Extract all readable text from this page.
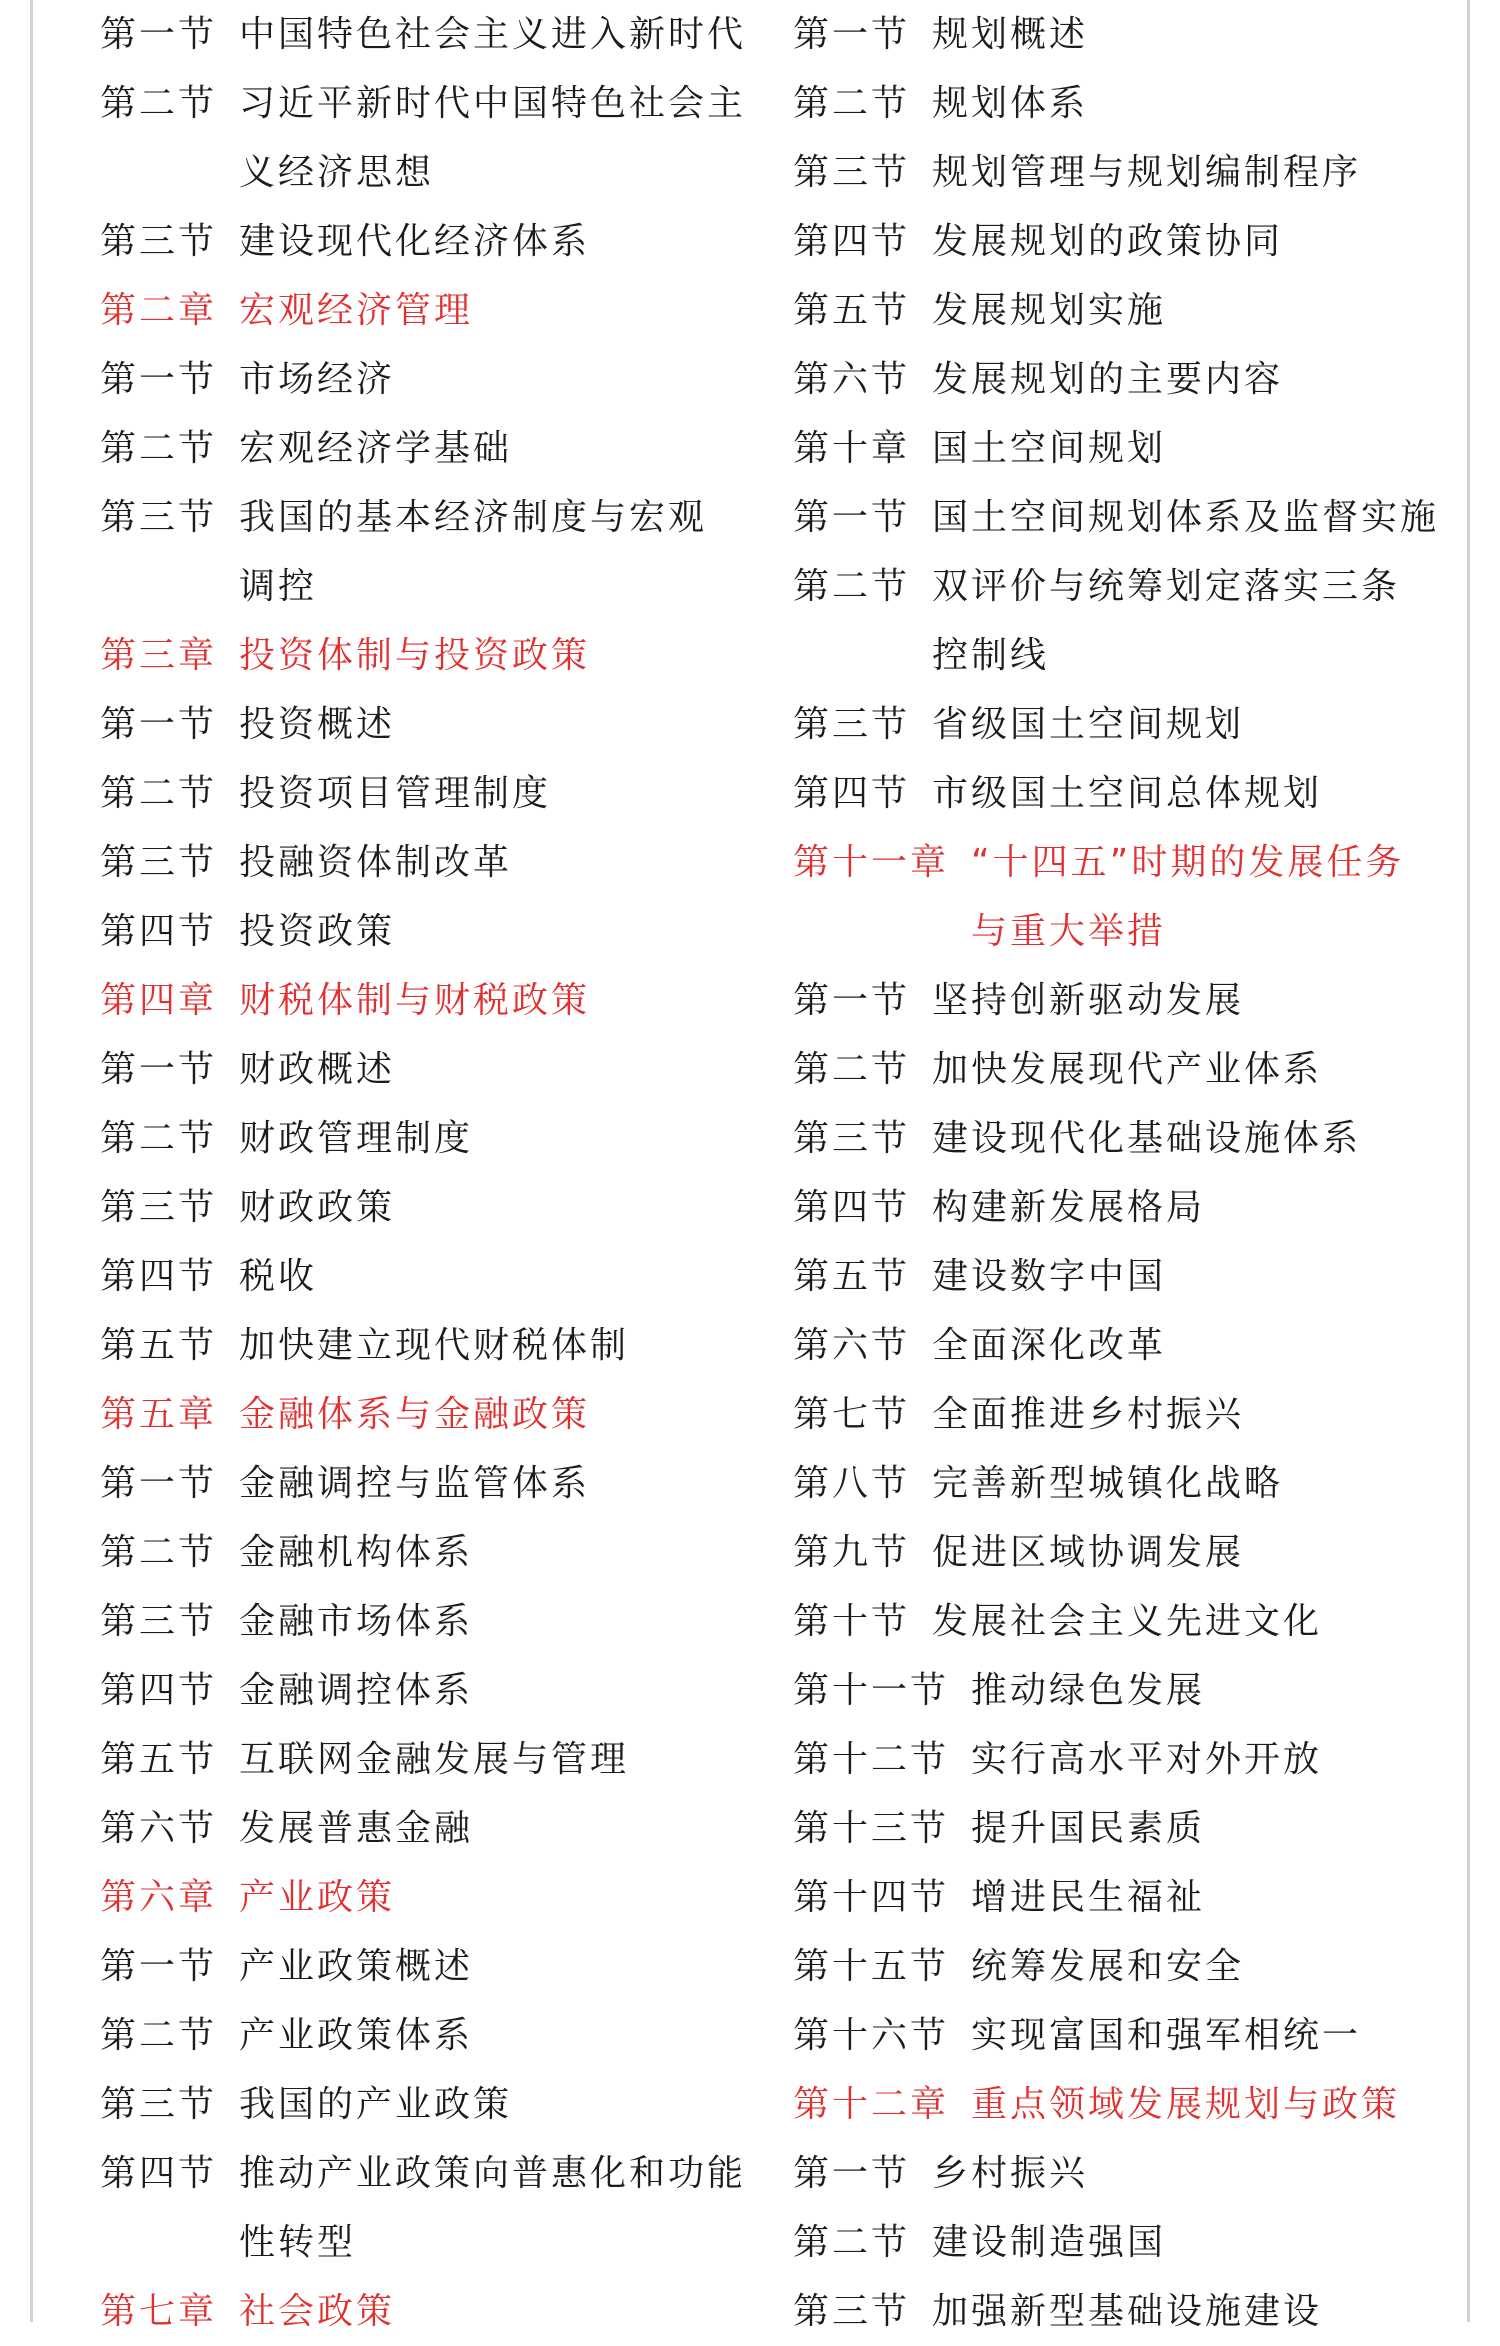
第一节 中国特色社会主义进入新时代
第二节 习近平新时代中国特色社会主
义经济思想
第三节 建设现代化经济体系
第二章 宏观经济管理
第一节 市场经济
第二节 宏观经济学基础
第三节 我国的基本经济制度与宏观
调控
第三章 投资体制与投资政策
第一节 投资概述
第二节 投资项目管理制度
第三节 投融资体制改革
第四节 投资政策
第四章 财税体制与财税政策
第一节 财政概述
第二节 财政管理制度
第三节 财政政策
第四节 税收
第五节 加快建立现代财税体制
第五章 金融体系与金融政策
第一节 金融调控与监管体系
第二节 金融机构体系
第三节 金融市场体系
第四节 金融调控体系
第五节 互联网金融发展与管理
第六节 发展普惠金融
第六章 产业政策
第一节 产业政策概述
第二节 产业政策体系
第三节 我国的产业政策
第四节 推动产业政策向普惠化和功能
性转型
第七章 社会政策
第一节 规划概述
第二节 规划体系
第三节 规划管理与规划编制程序
第四节 发展规划的政策协同
第五节 发展规划实施
第六节 发展规划的主要内容
第十章 国土空间规划
第一节 国土空间规划体系及监督实施
第二节 双评价与统筹划定落实三条
控制线
第三节 省级国土空间规划
第四节 市级国土空间总体规划
第十一章 “十四五”时期的发展任务
与重大举措
第一节 坚持创新驱动发展
第二节 加快发展现代产业体系
第三节 建设现代化基础设施体系
第四节 构建新发展格局
第五节 建设数字中国
第六节 全面深化改革
第七节 全面推进乡村振兴
第八节 完善新型城镇化战略
第九节 促进区域协调发展
第十节 发展社会主义先进文化
第十一节 推动绿色发展
第十二节 实行高水平对外开放
第十三节 提升国民素质
第十四节 增进民生福祉
第十五节 统筹发展和安全
第十六节 实现富国和强军相统一
第十二章 重点领域发展规划与政策
第一节 乡村振兴
第二节 建设制造强国
第三节 加强新型基础设施建设
